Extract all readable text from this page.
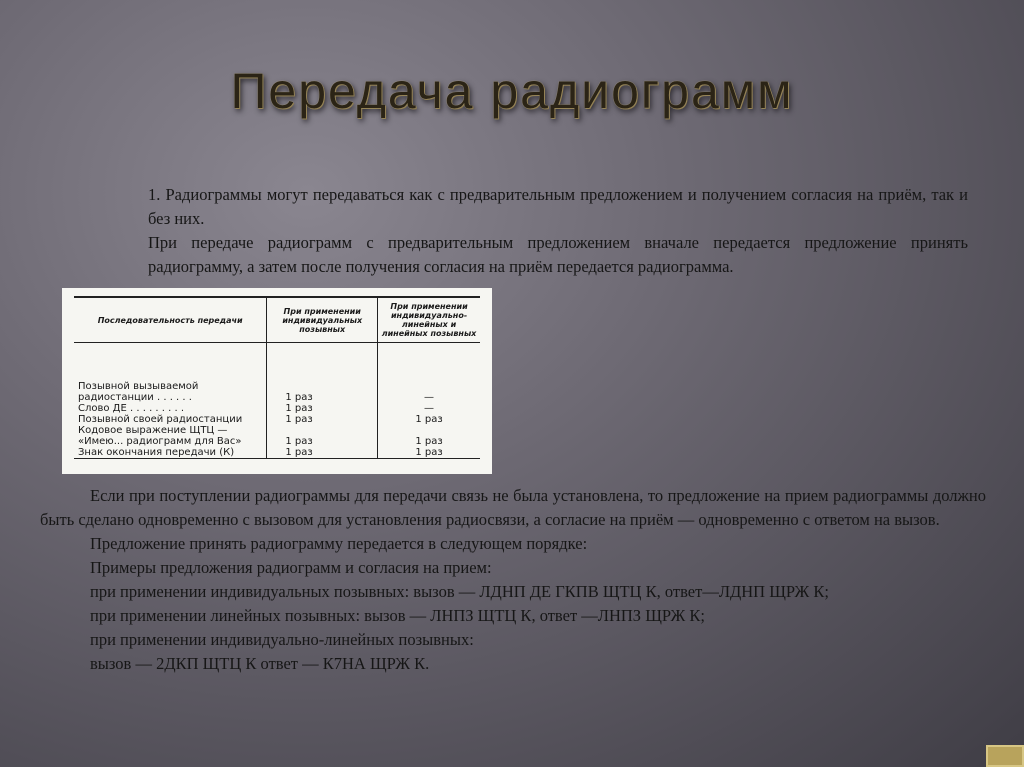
Передача радиограмм
1. Радиограммы могут передаваться как с предварительным предложением и получением согласия на приём, так и без них.
При передаче радиограмм с предварительным предложением вначале передается предложение принять радиограмму, а затем после получения согласия на приём передается радиограмма.
Последовательность передачи	При применении индивидуальных позывных	При применении индивидуально-линейных и линейных позывных
Позывной вызываемой радиостанции . . . . . .	1 раз	—
Слово ДЕ . . . . . . . . .	1 раз	—
Позывной своей радиостанции	1 раз	1 раз
Кодовое выражение ЩТЦ —		
«Имею... радиограмм для Вас»	1 раз	1 раз
Знак окончания передачи (К)	1 раз	1 раз
Если при поступлении радиограммы для передачи связь не была установлена, то предложение на прием радиограммы должно быть сделано одновременно с вызовом для установления радиосвязи, а согласие на приём — одновременно с ответом на вызов.
Предложение принять радиограмму передается в следующем порядке:
Примеры предложения радиограмм и согласия на прием:
при применении индивидуальных позывных: вызов — ЛДНП ДЕ ГКПВ ЩТЦ К, ответ—ЛДНП ЩРЖ К;
при применении линейных позывных: вызов — ЛНПЗ ЩТЦ К, ответ —ЛНПЗ ЩРЖ К;
при применении индивидуально-линейных позывных:
вызов — 2ДКП ЩТЦ К ответ — К7НА ЩРЖ К.
